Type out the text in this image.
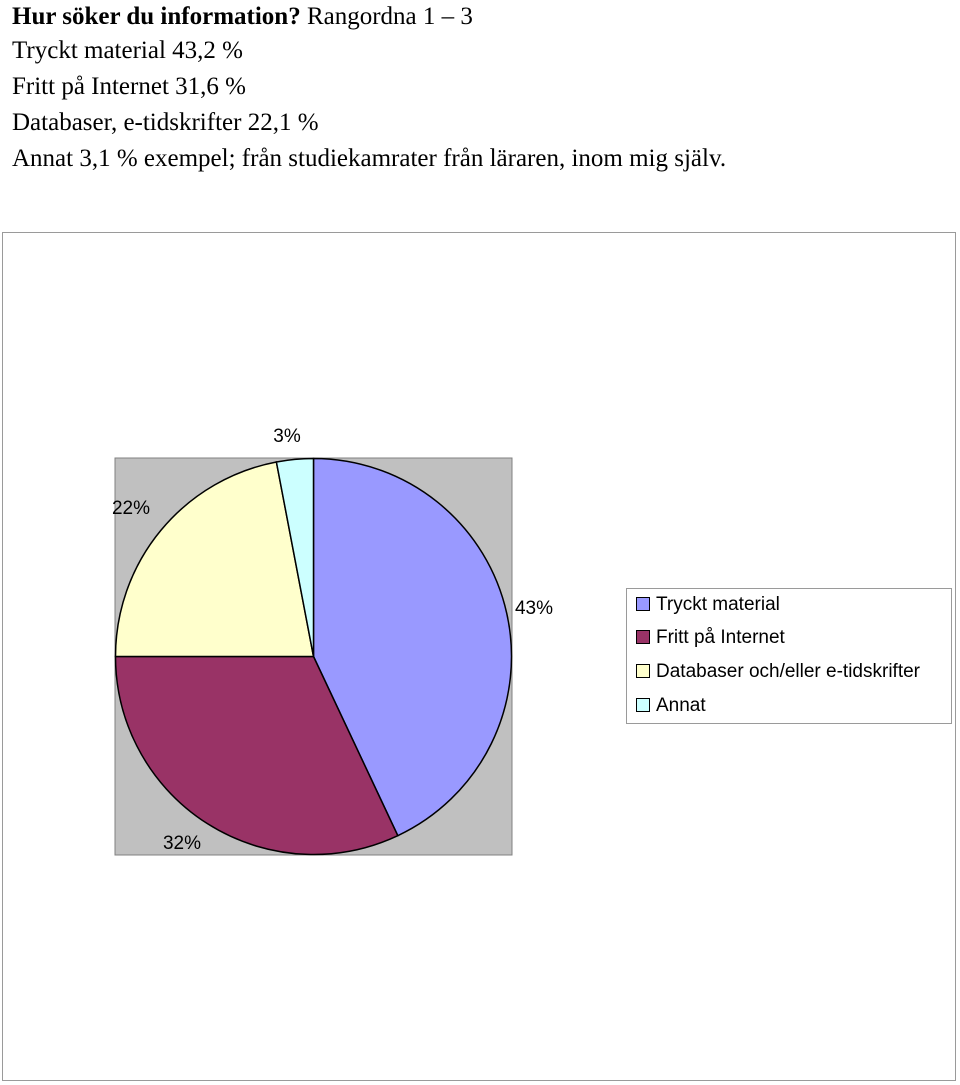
Hur söker du information? Rangordna 1 – 3
Tryckt material 43,2 %
Fritt på Internet 31,6 %
Databaser, e-tidskrifter 22,1 %
Annat 3,1 % exempel; från studiekamrater från läraren, inom mig själv.
43%
32%
22%
3%
Tryckt material
Fritt på Internet
Databaser och/eller e-tidskrifter
Annat
